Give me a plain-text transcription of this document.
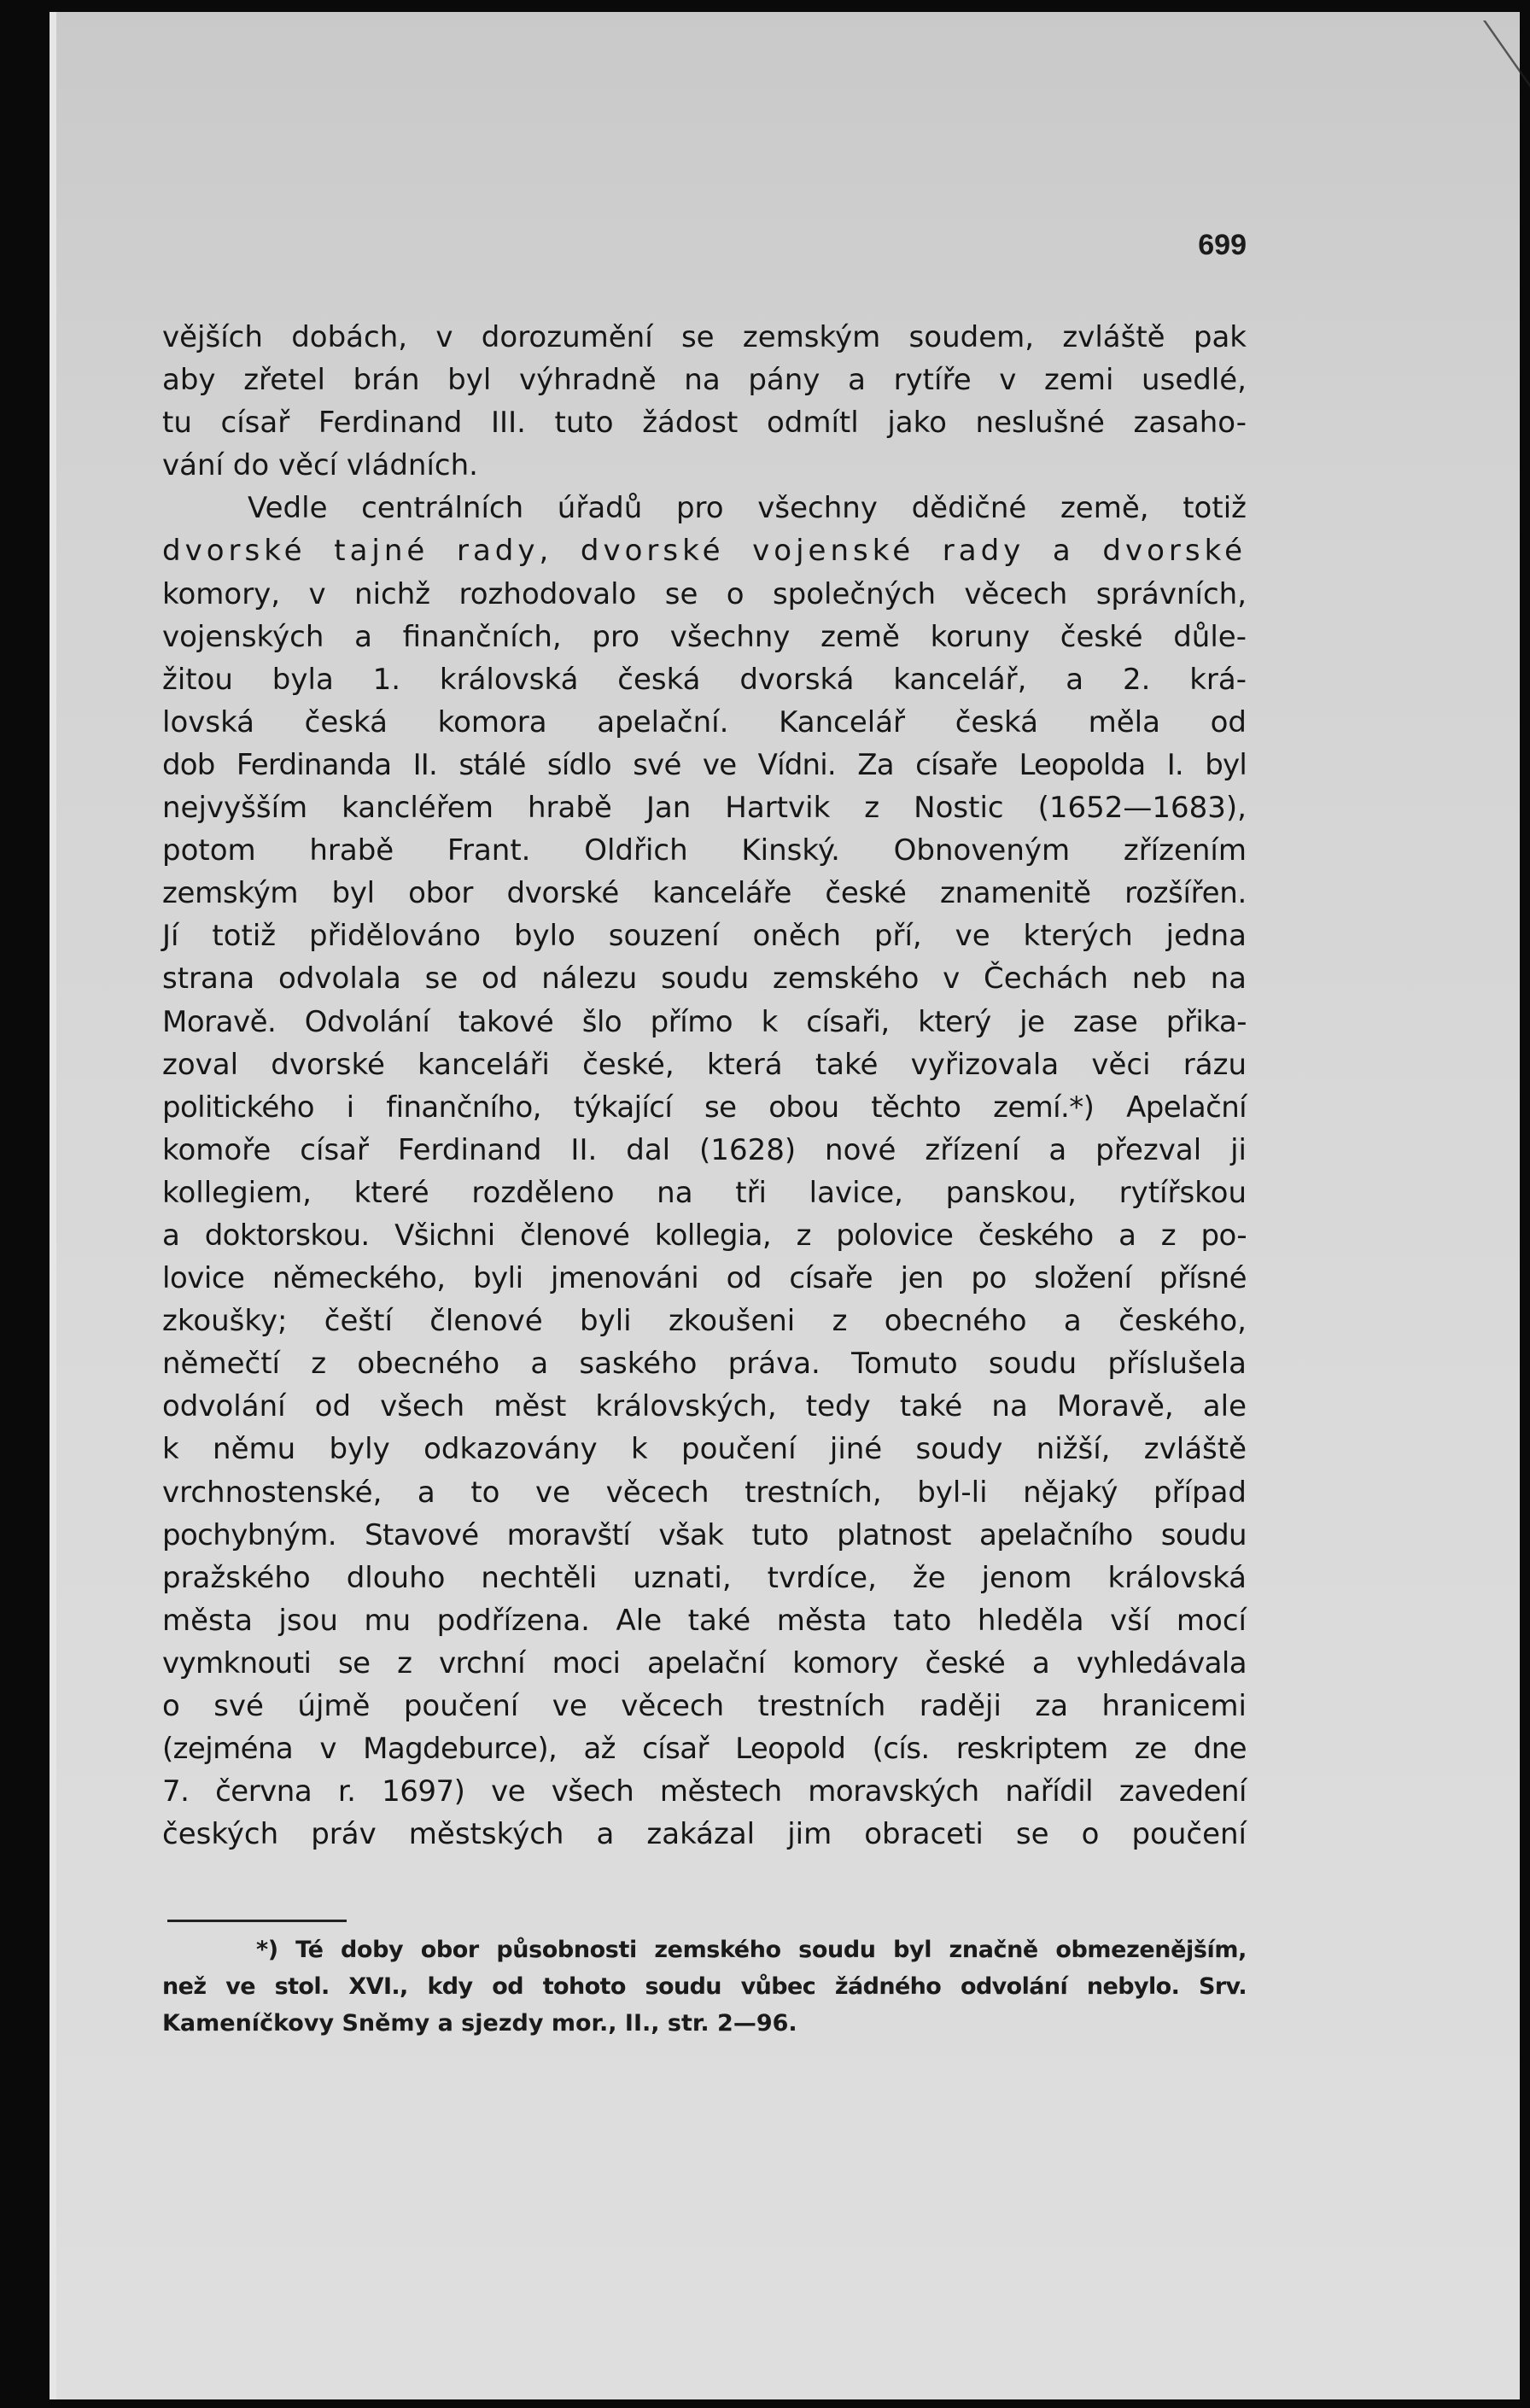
699
vějších dobách, v dorozumění se zemským soudem, zvláště pak
aby zřetel brán byl výhradně na pány a rytíře v zemi usedlé,
tu císař Ferdinand III. tuto žádost odmítl jako neslušné zasaho-
vání do věcí vládních.
Vedle centrálních úřadů pro všechny dědičné země, totiž
dvorské tajné rady, dvorské vojenské rady a dvorské
komory, v nichž rozhodovalo se o společných věcech správních,
vojenských a finančních, pro všechny země koruny české důle-
žitou byla 1. královská česká dvorská kancelář, a 2. krá-
lovská česká komora apelační. Kancelář česká měla od
dob Ferdinanda II. stálé sídlo své ve Vídni. Za císaře Leopolda I. byl
nejvyšším kancléřem hrabě Jan Hartvik z Nostic (1652—1683),
potom hrabě Frant. Oldřich Kinský. Obnoveným zřízením
zemským byl obor dvorské kanceláře české znamenitě rozšířen.
Jí totiž přidělováno bylo souzení oněch pří, ve kterých jedna
strana odvolala se od nálezu soudu zemského v Čechách neb na
Moravě. Odvolání takové šlo přímo k císaři, který je zase přika-
zoval dvorské kanceláři české, která také vyřizovala věci rázu
politického i finančního, týkající se obou těchto zemí.*) Apelační
komoře císař Ferdinand II. dal (1628) nové zřízení a přezval ji
kollegiem, které rozděleno na tři lavice, panskou, rytířskou
a doktorskou. Všichni členové kollegia, z polovice českého a z po-
lovice německého, byli jmenováni od císaře jen po složení přísné
zkoušky; čeští členové byli zkoušeni z obecného a českého,
němečtí z obecného a saského práva. Tomuto soudu příslušela
odvolání od všech měst královských, tedy také na Moravě, ale
k němu byly odkazovány k poučení jiné soudy nižší, zvláště
vrchnostenské, a to ve věcech trestních, byl-li nějaký případ
pochybným. Stavové moravští však tuto platnost apelačního soudu
pražského dlouho nechtěli uznati, tvrdíce, že jenom královská
města jsou mu podřízena. Ale také města tato hleděla vší mocí
vymknouti se z vrchní moci apelační komory české a vyhledávala
o své újmě poučení ve věcech trestních raději za hranicemi
(zejména v Magdeburce), až císař Leopold (cís. reskriptem ze dne
7. června r. 1697) ve všech městech moravských nařídil zavedení
českých práv městských a zakázal jim obraceti se o poučení
*) Té doby obor působnosti zemského soudu byl značně obmezenějším,
než ve stol. XVI., kdy od tohoto soudu vůbec žádného odvolání nebylo. Srv.
Kameníčkovy Sněmy a sjezdy mor., II., str. 2—96.
